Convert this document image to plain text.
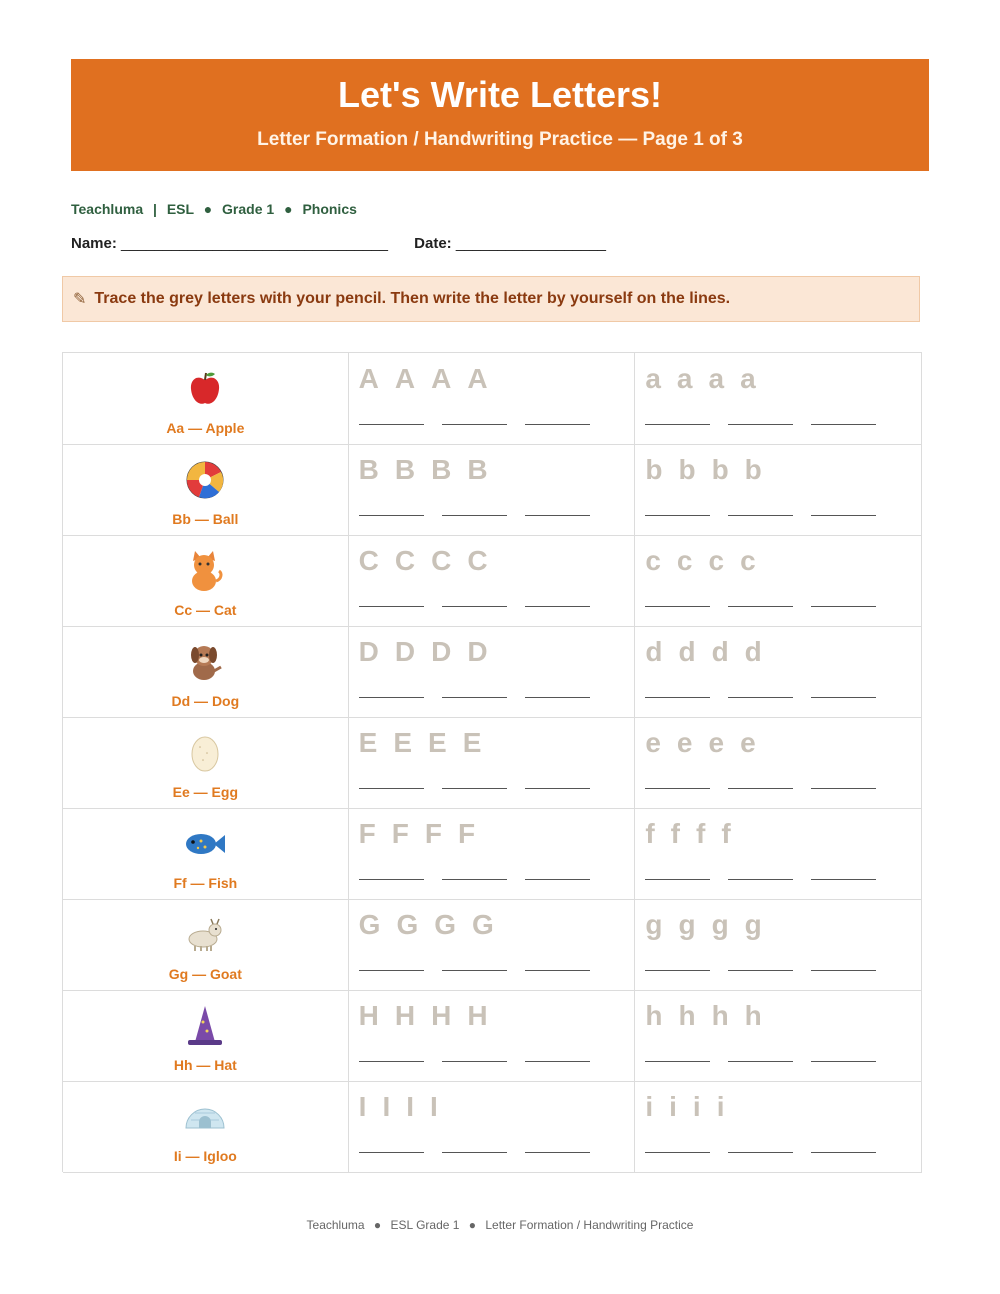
Let's Write Letters!
Letter Formation / Handwriting Practice — Page 1 of 3
Teachluma | ESL ● Grade 1 ● Phonics
Name: ________________________________ Date: __________________
✎ Trace the grey letters with your pencil. Then write the letter by yourself on the lines.
Aa — Apple
A A A A	a a a a
Bb — Ball
B B B B	b b b b
Cc — Cat
C C C C	c c c c
Dd — Dog
D D D D	d d d d
Ee — Egg
E E E E	e e e e
Ff — Fish
F F F F	f f f f
Gg — Goat
G G G G	g g g g
Hh — Hat
H H H H	h h h h
Ii — Igloo
I I I I	i i i i
Teachluma ● ESL Grade 1 ● Letter Formation / Handwriting Practice
